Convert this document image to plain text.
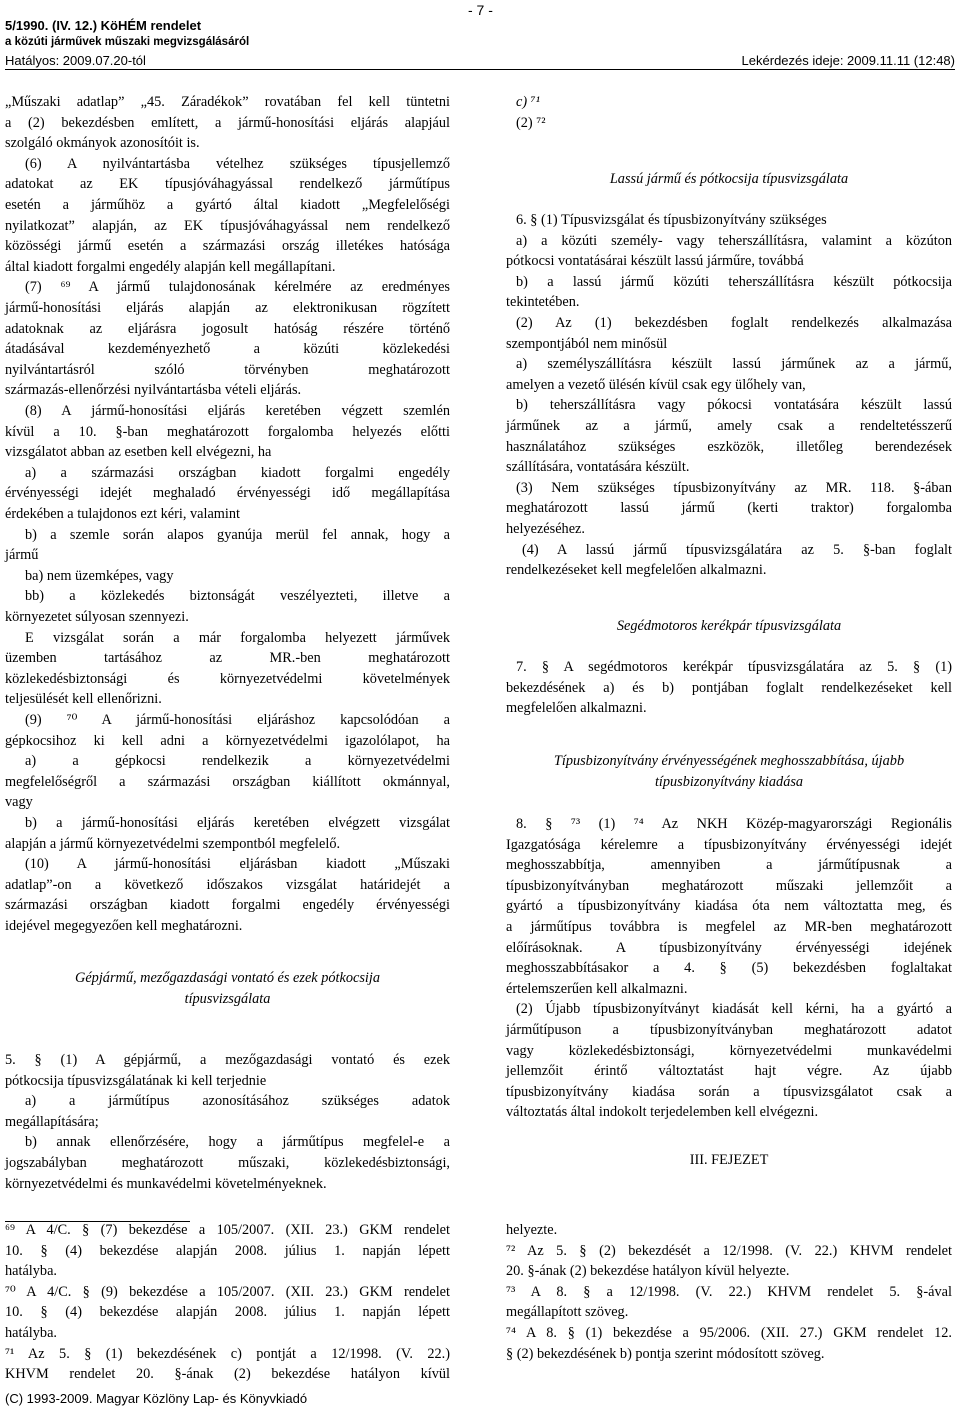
5/1990. (IV. 12.) KöHÉM rendelet
a közúti járművek műszaki megvizsgálásáról
Hatályos: 2009.07.20-tól
- 7 -
Lekérdezés ideje: 2009.11.11 (12:48)

„Műszaki adatlap” „45. Záradékok” rovatában fel kell tüntetni

a (2) bekezdésben említett, a jármű-honosítási eljárás alapjául

szolgáló okmányok azonosítóit is.

(6) A nyilvántartásba vételhez szükséges típusjellemző

adatokat az EK típusjóváhagyással rendelkező járműtípus

esetén a járműhöz a gyártó által kiadott „Megfelelőségi

nyilatkozat” alapján, az EK típusjóváhagyással nem rendelkező

közösségi jármű esetén a származási ország illetékes hatósága

által kiadott forgalmi engedély alapján kell megállapítani.

(7) ⁶⁹ A jármű tulajdonosának kérelmére az eredményes

jármű-honosítási eljárás alapján az elektronikusan rögzített

adatoknak az eljárásra jogosult hatóság részére történő

átadásával kezdeményezhető a közúti közlekedési

nyilvántartásról szóló törvényben meghatározott

származás-ellenőrzési nyilvántartásba vételi eljárás.

(8) A jármű-honosítási eljárás keretében végzett szemlén

kívül a 10. §-ban meghatározott forgalomba helyezés előtti

vizsgálatot abban az esetben kell elvégezni, ha

a) a származási országban kiadott forgalmi engedély

érvényességi idejét meghaladó érvényességi idő megállapítása

érdekében a tulajdonos ezt kéri, valamint

b) a szemle során alapos gyanúja merül fel annak, hogy a

jármű

ba) nem üzemképes, vagy

bb) a közlekedés biztonságát veszélyezteti, illetve a

környezetet súlyosan szennyezi.

E vizsgálat során a már forgalomba helyezett járművek

üzemben tartásához az MR.-ben meghatározott

közlekedésbiztonsági és környezetvédelmi követelmények

teljesülését kell ellenőrizni.

(9) ⁷⁰ A jármű-honosítási eljáráshoz kapcsolódóan a

gépkocsihoz ki kell adni a környezetvédelmi igazolólapot, ha

a) a gépkocsi rendelkezik a környezetvédelmi

megfelelőségről a származási országban kiállított okmánnyal,

vagy

b) a jármű-honosítási eljárás keretében elvégzett vizsgálat

alapján a jármű környezetvédelmi szempontból megfelelő.

(10) A jármű-honosítási eljárásban kiadott „Műszaki

adatlap”-on a következő időszakos vizsgálat határidejét a

származási országban kiadott forgalmi engedély érvényességi

idejével megegyezően kell meghatározni.

Gépjármű, mezőgazdasági vontató és ezek pótkocsija

típusvizsgálata

5. § (1) A gépjármű, a mezőgazdasági vontató és ezek

pótkocsija típusvizsgálatának ki kell terjednie

a) a járműtípus azonosításához szükséges adatok

megállapítására;

b) annak ellenőrzésére, hogy a járműtípus megfelel-e a

jogszabályban meghatározott műszaki, közlekedésbiztonsági,

környezetvédelmi és munkavédelmi követelményeknek.

c) ⁷¹

(2) ⁷²

Lassú jármű és pótkocsija típusvizsgálata

6. § (1) Típusvizsgálat és típusbizonyítvány szükséges

a) a közúti személy- vagy teherszállításra, valamint a közúton

pótkocsi vontatásárai készült lassú járműre, továbbá

b) a lassú jármű közúti teherszállításra készült pótkocsija

tekintetében.

(2) Az (1) bekezdésben foglalt rendelkezés alkalmazása

szempontjából nem minősül

a) személyszállításra készült lassú járműnek az a jármű,

amelyen a vezető ülésén kívül csak egy ülőhely van,

b) teherszállításra vagy pókocsi vontatására készült lassú

járműnek az a jármű, amely csak a rendeltetésszerű

használatához szükséges eszközök, illetőleg berendezések

szállítására, vontatására készült.

(3) Nem szükséges típusbizonyítvány az MR. 118. §-ában

meghatározott lassú jármű (kerti traktor) forgalomba

helyezéséhez.

(4) A lassú jármű típusvizsgálatára az 5. §-ban foglalt

rendelkezéseket kell megfelelően alkalmazni.

Segédmotoros kerékpár típusvizsgálata

7. § A segédmotoros kerékpár típusvizsgálatára az 5. § (1)

bekezdésének a) és b) pontjában foglalt rendelkezéseket kell

megfelelően alkalmazni.

Típusbizonyítvány érvényességének meghosszabbítása, újabb

típusbizonyítvány kiadása

8. § ⁷³ (1) ⁷⁴ Az NKH Közép-magyarországi Regionális

Igazgatósága kérelemre a típusbizonyítvány érvényességi idejét

meghosszabbítja, amennyiben a járműtípusnak a

típusbizonyítványban meghatározott műszaki jellemzőit a

gyártó a típusbizonyítvány kiadása óta nem változtatta meg, és

a járműtípus továbbra is megfelel az MR-ben meghatározott

előírásoknak. A típusbizonyítvány érvényességi idejének

meghosszabbításakor a 4. § (5) bekezdésben foglaltakat

értelemszerűen kell alkalmazni.

(2) Újabb típusbizonyítványt kiadását kell kérni, ha a gyártó a

járműtípuson a típusbizonyítványban meghatározott adatot

vagy közlekedésbiztonsági, környezetvédelmi munkavédelmi

jellemzőit érintő változtatást hajt végre. Az újabb

típusbizonyítvány kiadása során a típusvizsgálatot csak a

változtatás által indokolt terjedelemben kell elvégezni.

III. FEJEZET

⁶⁹ A 4/C. § (7) bekezdése a 105/2007. (XII. 23.) GKM rendelet

10. § (4) bekezdése alapján 2008. július 1. napján lépett

hatályba.

⁷⁰ A 4/C. § (9) bekezdése a 105/2007. (XII. 23.) GKM rendelet

10. § (4) bekezdése alapján 2008. július 1. napján lépett

hatályba.

⁷¹ Az 5. § (1) bekezdésének c) pontját a 12/1998. (V. 22.)

KHVM rendelet 20. §-ának (2) bekezdése hatályon kívül

helyezte.

⁷² Az 5. § (2) bekezdését a 12/1998. (V. 22.) KHVM rendelet

20. §-ának (2) bekezdése hatályon kívül helyezte.

⁷³ A 8. § a 12/1998. (V. 22.) KHVM rendelet 5. §-ával

megállapított szöveg.

⁷⁴ A 8. § (1) bekezdése a 95/2006. (XII. 27.) GKM rendelet 12.

§ (2) bekezdésének b) pontja szerint módosított szöveg.

(C) 1993-2009. Magyar Közlöny Lap- és Könyvkiadó
